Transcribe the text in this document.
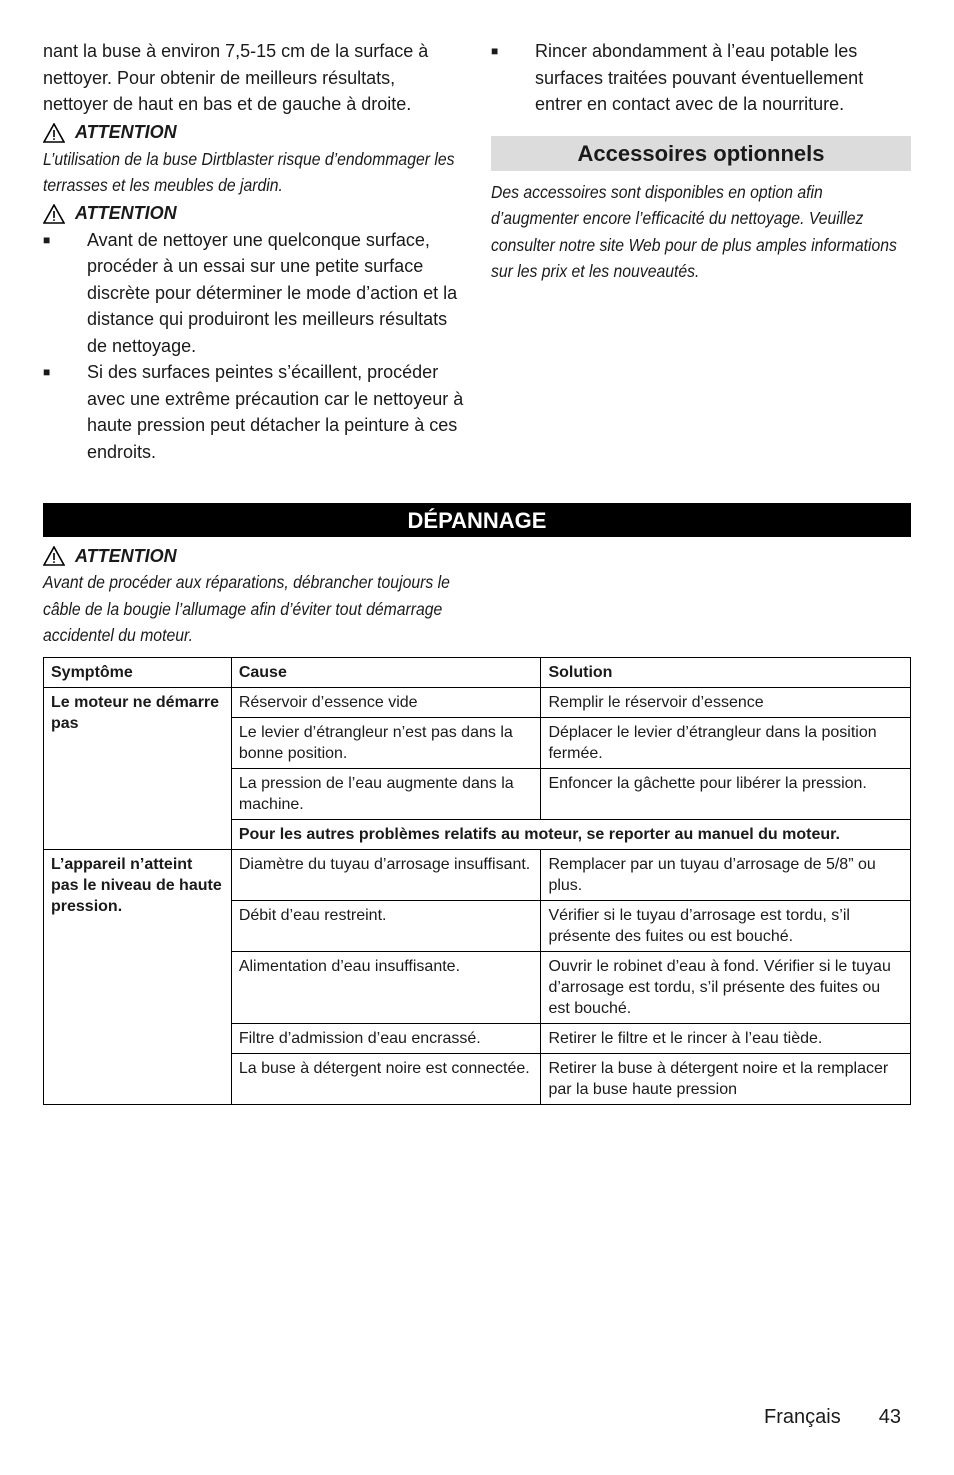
nant la buse à environ 7,5-15 cm de la surface à nettoyer. Pour obtenir de meilleurs résultats, nettoyer de haut en bas et de gauche à droite.

ATTENTION

L’utilisation de la buse Dirtblaster risque d’endommager les terrasses et les meubles de jardin.

ATTENTION
■	Avant de nettoyer une quelconque surface, procéder à un essai sur une petite surface discrète pour déterminer le mode d’action et la distance qui produiront les meilleurs résultats de nettoyage.
■	Si des surfaces peintes s’écaillent, procéder avec une extrême précaution car le nettoyeur à haute pression peut détacher la peinture à ces endroits.
■	Rincer abondamment à l’eau potable les surfaces traitées pouvant éventuellement entrer en contact avec de la nourriture.
Accessoires optionnels

Des accessoires sont disponibles en option afin d’augmenter encore l’efficacité du nettoyage. Veuillez consulter notre site Web pour de plus amples informations sur les prix et les nouveautés.

DÉPANNAGE
ATTENTION

Avant de procéder aux réparations, débrancher toujours le câble de la bougie l’allumage afin d’éviter tout démarrage accidentel du moteur.

Symptôme	Cause	Solution
Le moteur ne démarre pas	Réservoir d’essence vide	Remplir le réservoir d’essence
	Le levier d’étrangleur n’est pas dans la bonne position.	Déplacer le levier d’étrangleur dans la position fermée.
	La pression de l’eau augmente dans la machine.	Enfoncer la gâchette pour libérer la pression.
	Pour les autres problèmes relatifs au moteur, se reporter au manuel du moteur.	
L’appareil n’atteint pas le niveau de haute pression.	Diamètre du tuyau d’arrosage insuffisant.	Remplacer par un tuyau d’arrosage de 5/8” ou plus.
	Débit d’eau restreint.	Vérifier si le tuyau d’arrosage est tordu, s’il présente des fuites ou est bouché.
	Alimentation d’eau insuffisante.	Ouvrir le robinet d’eau à fond. Vérifier si le tuyau d’arrosage est tordu, s’il présente des fuites ou est bouché.
	Filtre d’admission d’eau encrassé.	Retirer le filtre et le rincer à l’eau tiède.
	La buse à détergent noire est connectée.	Retirer la buse à détergent noire et la remplacer par la buse haute pression
Français 43
